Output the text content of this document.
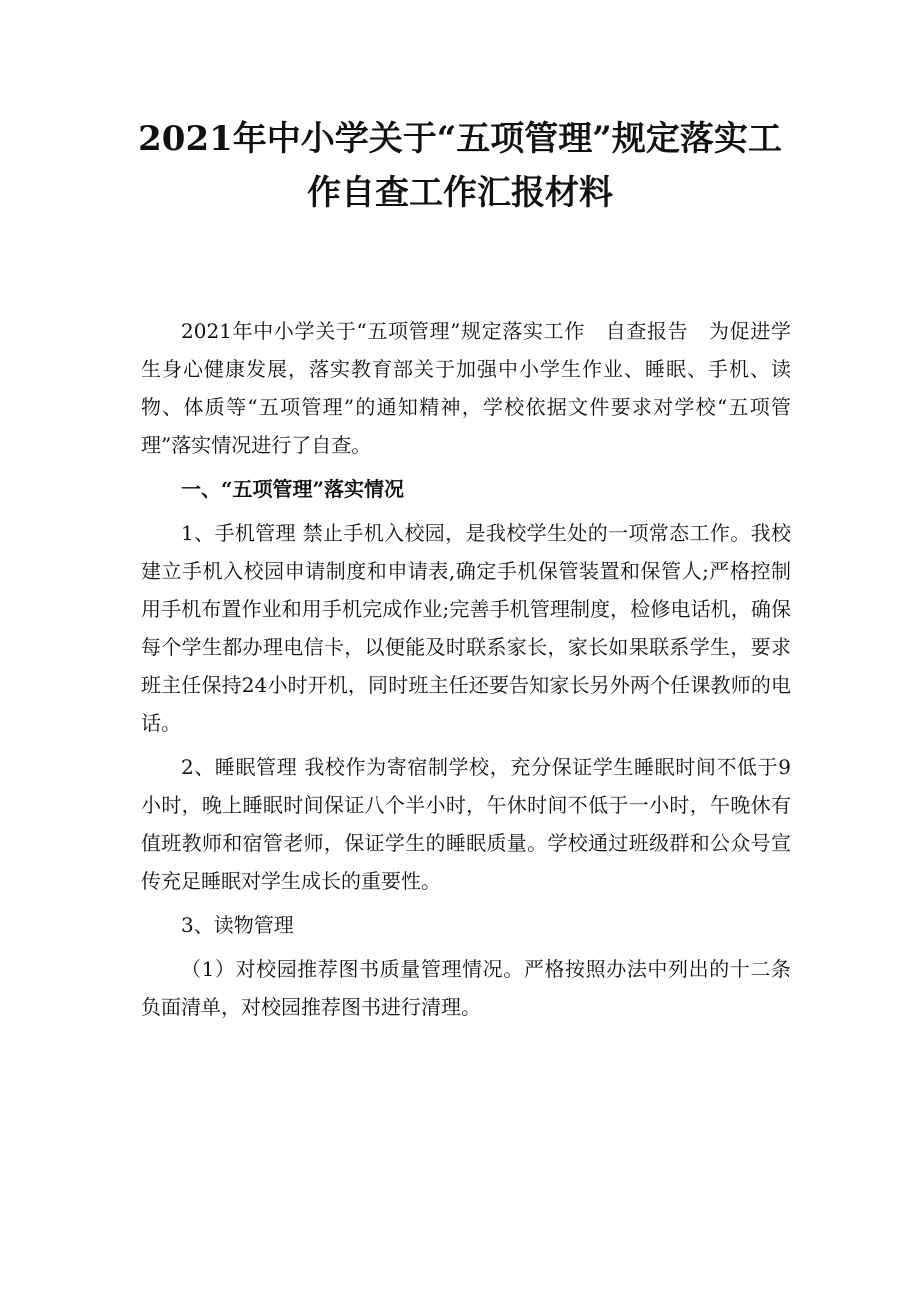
2021年中小学关于“五项管理”规定落实工
作自查工作汇报材料

2021年中小学关于“五项管理”规定落实工作　自查报告　为促进学生身心健康发展，落实教育部关于加强中小学生作业、睡眠、手机、读物、体质等“五项管理”的通知精神，学校依据文件要求对学校“五项管理”落实情况进行了自查。

一、“五项管理”落实情况

1、手机管理 禁止手机入校园，是我校学生处的一项常态工作。我校建立手机入校园申请制度和申请表,确定手机保管装置和保管人;严格控制用手机布置作业和用手机完成作业;完善手机管理制度，检修电话机，确保每个学生都办理电信卡，以便能及时联系家长，家长如果联系学生，要求班主任保持24小时开机，同时班主任还要告知家长另外两个任课教师的电话。

2、睡眠管理 我校作为寄宿制学校，充分保证学生睡眠时间不低于9小时，晚上睡眠时间保证八个半小时，午休时间不低于一小时，午晚休有值班教师和宿管老师，保证学生的睡眠质量。学校通过班级群和公众号宣传充足睡眠对学生成长的重要性。

3、读物管理

（1）对校园推荐图书质量管理情况。严格按照办法中列出的十二条负面清单，对校园推荐图书进行清理。
